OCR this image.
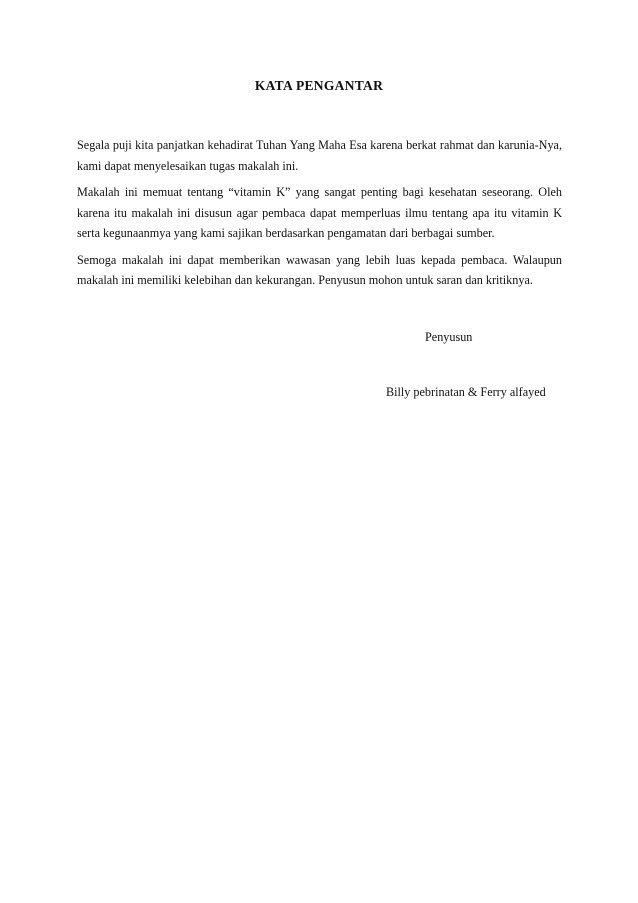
KATA PENGANTAR

Segala puji kita panjatkan kehadirat Tuhan Yang Maha Esa karena berkat rahmat dan karunia-Nya, kami dapat menyelesaikan tugas makalah ini.

Makalah ini memuat tentang “vitamin K” yang sangat penting bagi kesehatan seseorang. Oleh karena itu makalah ini disusun agar pembaca dapat memperluas ilmu tentang apa itu vitamin K serta kegunaanmya yang kami sajikan berdasarkan pengamatan dari berbagai sumber.

Semoga makalah ini dapat memberikan wawasan yang lebih luas kepada pembaca. Walaupun makalah ini memiliki kelebihan dan kekurangan. Penyusun mohon untuk saran dan kritiknya.

Penyusun

Billy pebrinatan & Ferry alfayed
